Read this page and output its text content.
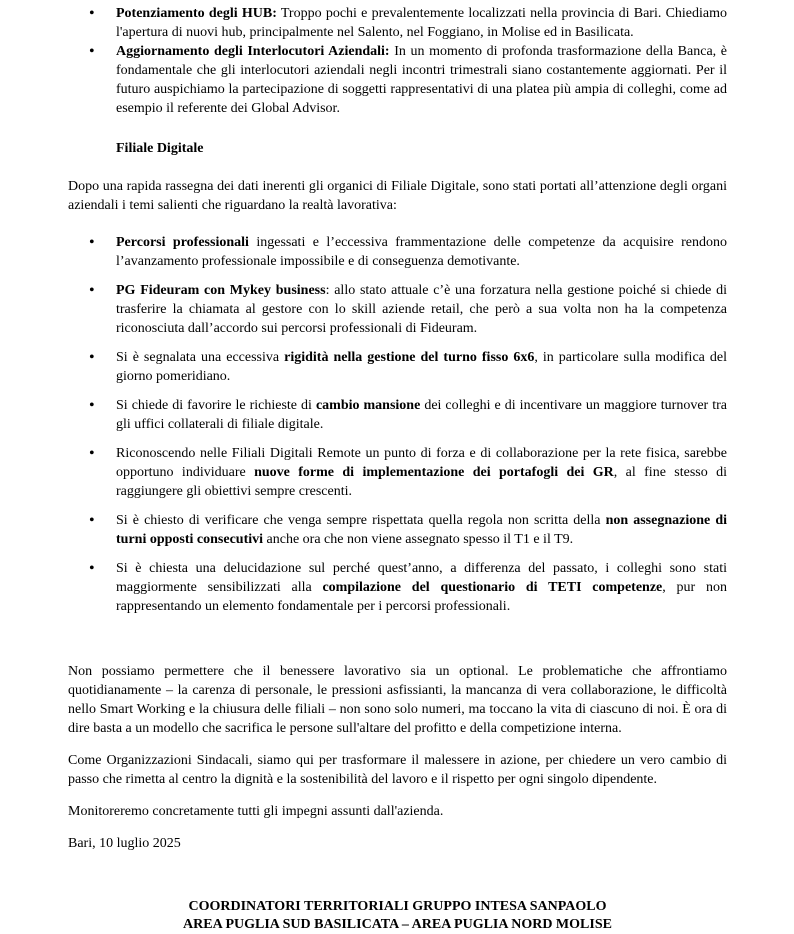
• Potenziamento degli HUB: Troppo pochi e prevalentemente localizzati nella provincia di Bari. Chiediamo l'apertura di nuovi hub, principalmente nel Salento, nel Foggiano, in Molise ed in Basilicata.
• Aggiornamento degli Interlocutori Aziendali: In un momento di profonda trasformazione della Banca, è fondamentale che gli interlocutori aziendali negli incontri trimestrali siano costantemente aggiornati. Per il futuro auspichiamo la partecipazione di soggetti rappresentativi di una platea più ampia di colleghi, come ad esempio il referente dei Global Advisor.

Filiale Digitale

Dopo una rapida rassegna dei dati inerenti gli organici di Filiale Digitale, sono stati portati all’attenzione degli organi aziendali i temi salienti che riguardano la realtà lavorativa:

• Percorsi professionali ingessati e l’eccessiva frammentazione delle competenze da acquisire rendono l’avanzamento professionale impossibile e di conseguenza demotivante.
• PG Fideuram con Mykey business: allo stato attuale c’è una forzatura nella gestione poiché si chiede di trasferire la chiamata al gestore con lo skill aziende retail, che però a sua volta non ha la competenza riconosciuta dall’accordo sui percorsi professionali di Fideuram.
• Si è segnalata una eccessiva rigidità nella gestione del turno fisso 6x6, in particolare sulla modifica del giorno pomeridiano.
• Si chiede di favorire le richieste di cambio mansione dei colleghi e di incentivare un maggiore turnover tra gli uffici collaterali di filiale digitale.
• Riconoscendo nelle Filiali Digitali Remote un punto di forza e di collaborazione per la rete fisica, sarebbe opportuno individuare nuove forme di implementazione dei portafogli dei GR, al fine stesso di raggiungere gli obiettivi sempre crescenti.
• Si è chiesto di verificare che venga sempre rispettata quella regola non scritta della non assegnazione di turni opposti consecutivi anche ora che non viene assegnato spesso il T1 e il T9.
• Si è chiesta una delucidazione sul perché quest’anno, a differenza del passato, i colleghi sono stati maggiormente sensibilizzati alla compilazione del questionario di TETI competenze, pur non rappresentando un elemento fondamentale per i percorsi professionali.

Non possiamo permettere che il benessere lavorativo sia un optional. Le problematiche che affrontiamo quotidianamente – la carenza di personale, le pressioni asfissianti, la mancanza di vera collaborazione, le difficoltà nello Smart Working e la chiusura delle filiali – non sono solo numeri, ma toccano la vita di ciascuno di noi. È ora di dire basta a un modello che sacrifica le persone sull'altare del profitto e della competizione interna.

Come Organizzazioni Sindacali, siamo qui per trasformare il malessere in azione, per chiedere un vero cambio di passo che rimetta al centro la dignità e la sostenibilità del lavoro e il rispetto per ogni singolo dipendente.

Monitoreremo concretamente tutti gli impegni assunti dall'azienda.

Bari, 10 luglio 2025

COORDINATORI TERRITORIALI GRUPPO INTESA SANPAOLO

AREA PUGLIA SUD BASILICATA – AREA PUGLIA NORD MOLISE
